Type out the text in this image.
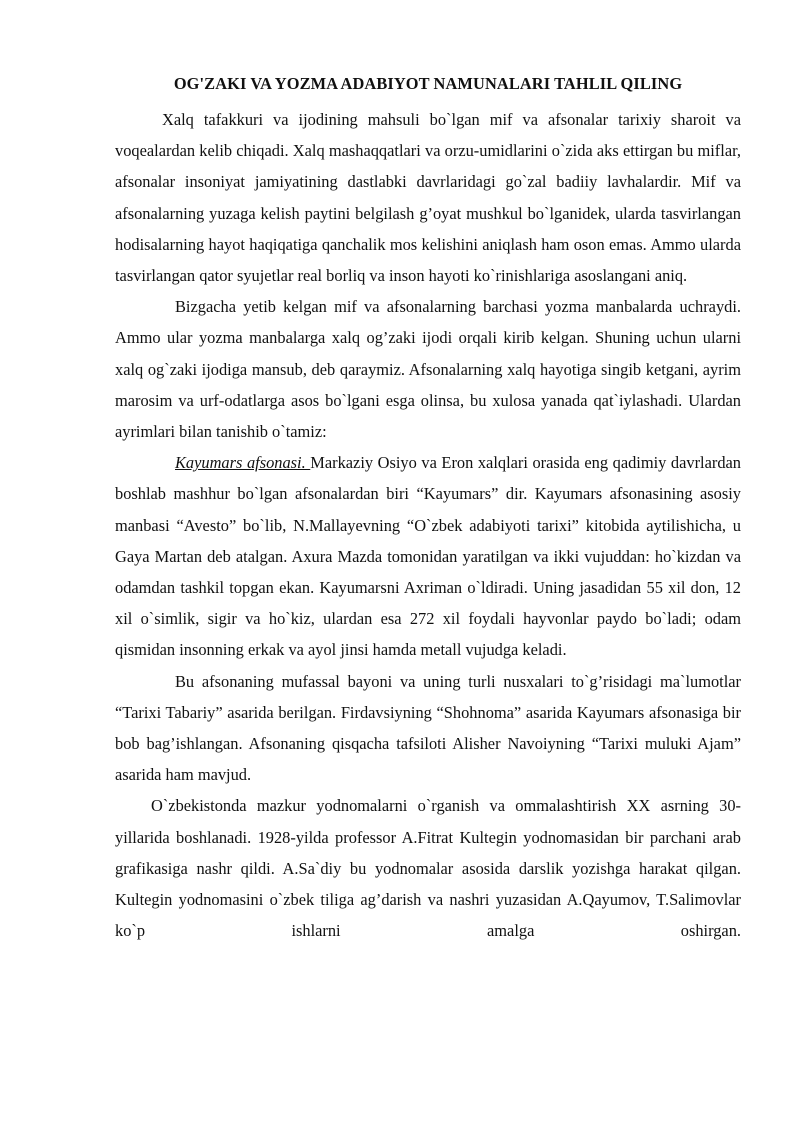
OG'ZAKI VA YOZMA ADABIYOT NAMUNALARI TAHLIL QILING

Xalq tafakkuri va ijodining mahsuli bo`lgan mif va afsonalar tarixiy sharoit va voqealardan kelib chiqadi. Xalq mashaqqatlari va orzu-umidlarini o`zida aks ettirgan bu miflar, afsonalar insoniyat jamiyatining dastlabki davrlaridagi go`zal badiiy lavhalardir. Mif va afsonalarning yuzaga kelish paytini belgilash g’oyat mushkul bo`lganidek, ularda tasvirlangan hodisalarning hayot haqiqatiga qanchalik mos kelishini aniqlash ham oson emas. Ammo ularda tasvirlangan qator syujetlar real borliq va inson hayoti ko`rinishlariga asoslangani aniq.

Bizgacha yetib kelgan mif va afsonalarning barchasi yozma manbalarda uchraydi. Ammo ular yozma manbalarga xalq og’zaki ijodi orqali kirib kelgan. Shuning uchun ularni xalq og`zaki ijodiga mansub, deb qaraymiz. Afsonalarning xalq hayotiga singib ketgani, ayrim marosim va urf-odatlarga asos bo`lgani esga olinsa, bu xulosa yanada qat`iylashadi. Ulardan ayrimlari bilan tanishib o`tamiz:

Kayumars afsonasi. Markaziy Osiyo va Eron xalqlari orasida eng qadimiy davrlardan boshlab mashhur bo`lgan afsonalardan biri “Kayumars” dir. Kayumars afsonasining asosiy manbasi “Avesto” bo`lib, N.Mallayevning “O`zbek adabiyoti tarixi” kitobida aytilishicha, u Gaya Martan deb atalgan. Axura Mazda tomonidan yaratilgan va ikki vujuddan: ho`kizdan va odamdan tashkil topgan ekan. Kayumarsni Axriman o`ldiradi. Uning jasadidan 55 xil don, 12 xil o`simlik, sigir va ho`kiz, ulardan esa 272 xil foydali hayvonlar paydo bo`ladi; odam qismidan insonning erkak va ayol jinsi hamda metall vujudga keladi.

Bu afsonaning mufassal bayoni va uning turli nusxalari to`g’risidagi ma`lumotlar “Tarixi Tabariy” asarida berilgan. Firdavsiyning “Shohnoma” asarida Kayumars afsonasiga bir bob bag’ishlangan. Afsonaning qisqacha tafsiloti Alisher Navoiyning “Tarixi muluki Ajam” asarida ham mavjud.

O`zbekistonda mazkur yodnomalarni o`rganish va ommalashtirish XX asrning 30-yillarida boshlanadi. 1928-yilda professor A.Fitrat Kultegin yodnomasidan bir parchani arab grafikasiga nashr qildi. A.Sa`diy bu yodnomalar asosida darslik yozishga harakat qilgan. Kultegin yodnomasini o`zbek tiliga ag’darish va nashri yuzasidan A.Qayumov, T.Salimovlar ko`p ishlarni amalga oshirgan.
